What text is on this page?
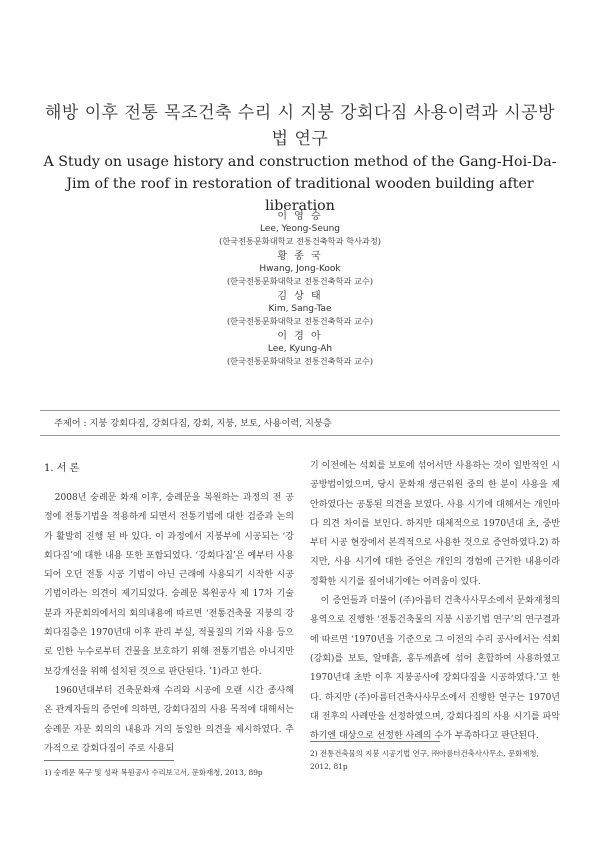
해방 이후 전통 목조건축 수리 시 지붕 강회다짐 사용이력과 시공방법 연구
A Study on usage history and construction method of the Gang-Hoi-Da-Jim of the roof in restoration of traditional wooden building after liberation
이 영 승
Lee, Yeong-Seung
(한국전통문화대학교 전통건축학과 학사과정)
황 종 국
Hwang, Jong-Kook
(한국전통문화대학교 전통건축학과 교수)
김 상 태
Kim, Sang-Tae
(한국전통문화대학교 전통건축학과 교수)
이 경 아
Lee, Kyung-Ah
(한국전통문화대학교 전통건축학과 교수)
주제어 : 지붕 강회다짐, 강회다짐, 강회, 지붕, 보토, 사용이력, 지붕층
1. 서 론

2008년 숭례문 화재 이후, 숭례문을 복원하는 과정의 전 공정에 전통기법을 적용하게 되면서 전통기법에 대한 검증과 논의가 활발히 진행 된 바 있다. 이 과정에서 지붕부에 시공되는 ‘강회다짐’에 대한 내용 또한 포함되었다. ‘강회다짐’은 예부터 사용되어 오던 전통 시공 기법이 아닌 근래에 사용되기 시작한 시공기법이라는 의견이 제기되었다. 숭례문 복원공사 제 17차 기술분과 자문회의에서의 회의내용에 따르면 ‘전통건축물 지붕의 강회다짐층은 1970년대 이후 관리 부실, 적물질의 기와 사용 등으로 인한 누수로부터 건물을 보호하기 위해 전통기법은 아니지만 보강개선을 위해 설치된 것으로 판단된다. ’1)라고 한다.

1960년대부터 건축문화재 수리와 시공에 오랜 시간 종사해온 관계자들의 증언에 의하면, 강회다짐의 사용 목적에 대해서는 숭례문 자문 회의의 내용과 거의 동일한 의견을 제시하였다. 추가적으로 강회다짐이 주로 사용되

기 이전에는 석회를 보토에 섞어서만 사용하는 것이 일반적인 시공방법이었으며, 당시 문화재 생근위원 중의 한 분이 사용을 제안하였다는 공통된 의견을 보였다. 사용 시기에 대해서는 개인마다 의견 차이를 보인다. 하지만 대체적으로 1970년대 초, 중반부터 시공 현장에서 본격적으로 사용한 것으로 증언하였다.2) 하지만, 사용 시기에 대한 증언은 개인의 경험에 근거한 내용이라 정확한 시기를 짚어내기에는 어려움이 있다.

이 증언들과 더불어 (주)아름터 건축사사무소에서 문화재청의 용역으로 진행한 ‘전통건축물의 지붕 시공기법 연구’의 연구결과에 따르면 ‘1970년을 기준으로 그 이전의 수리 공사에서는 석회(강회)를 보토, 알매흙, 홍두깨흙에 섞어 혼합하여 사용하였고 1970년대 초반 이후 지붕공사에 강회다짐을 시공하였다.’고 한다. 하지만 (주)아름터건축사사무소에서 진행한 연구는 1970년대 전후의 사례만을 선정하였으며, 강회다짐의 사용 시기를 파악하기엔 대상으로 선정한 사례의 수가 부족하다고 판단된다.

1) 숭례문 복구 및 성곽 복원공사 수리보고서, 문화재청, 2013, 89p
2) 전통건축물의 지붕 시공기법 연구, ㈜아름터건축사사무소, 문화재청, 2012, 81p
